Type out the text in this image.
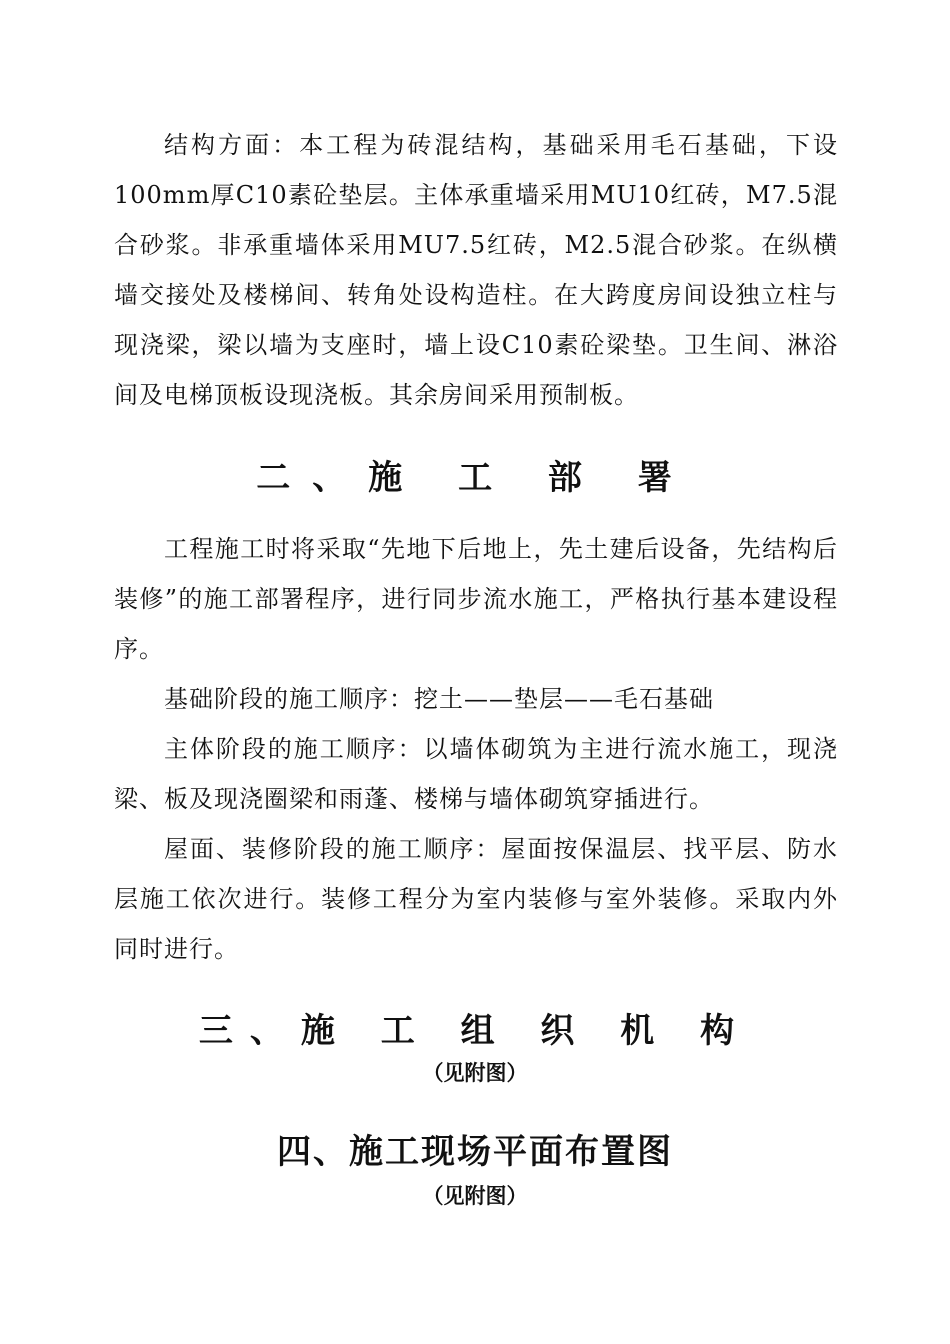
结构方面：本工程为砖混结构，基础采用毛石基础，下设100mm厚C10素砼垫层。主体承重墙采用MU10红砖，M7.5混合砂浆。非承重墙体采用MU7.5红砖，M2.5混合砂浆。在纵横墙交接处及楼梯间、转角处设构造柱。在大跨度房间设独立柱与现浇梁，梁以墙为支座时，墙上设C10素砼梁垫。卫生间、淋浴间及电梯顶板设现浇板。其余房间采用预制板。

二、施 工 部 署

工程施工时将采取“先地下后地上，先土建后设备，先结构后装修”的施工部署程序，进行同步流水施工，严格执行基本建设程序。

基础阶段的施工顺序：挖土——垫层——毛石基础

主体阶段的施工顺序：以墙体砌筑为主进行流水施工，现浇梁、板及现浇圈梁和雨蓬、楼梯与墙体砌筑穿插进行。

屋面、装修阶段的施工顺序：屋面按保温层、找平层、防水层施工依次进行。装修工程分为室内装修与室外装修。采取内外同时进行。

三、施 工 组 织 机 构

（见附图）

四、施工现场平面布置图

（见附图）
